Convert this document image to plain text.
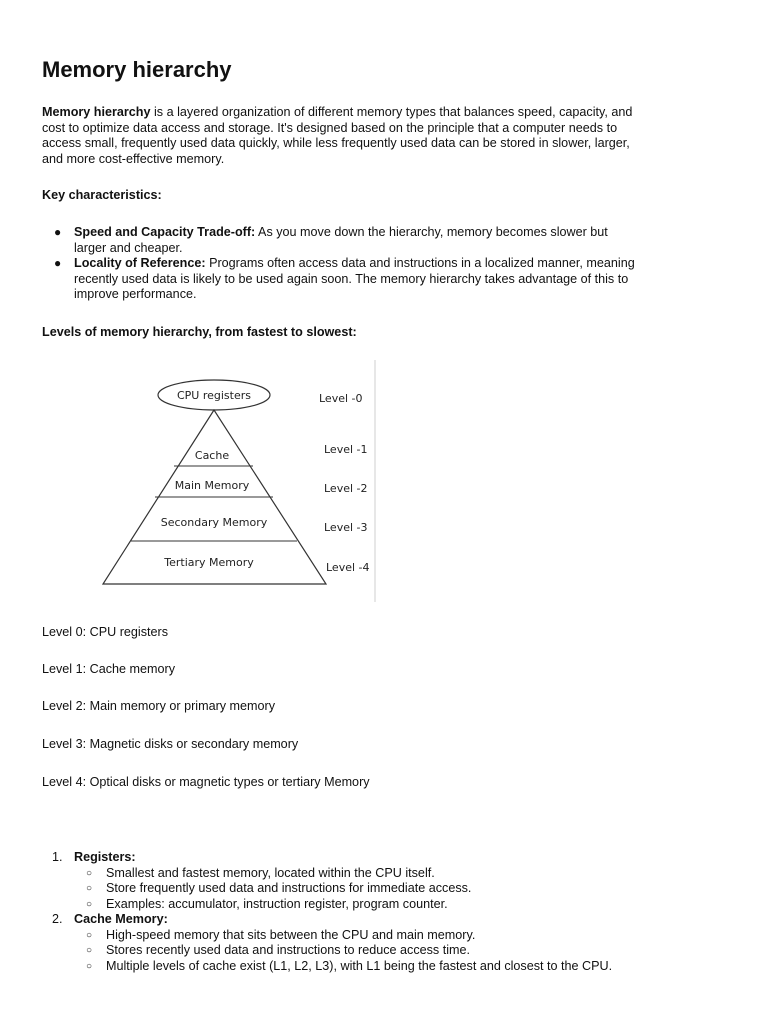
Memory hierarchy

Memory hierarchy is a layered organization of different memory types that balances speed, capacity, and cost to optimize data access and storage. It's designed based on the principle that a computer needs to access small, frequently used data quickly, while less frequently used data can be stored in slower, larger, and more cost-effective memory.

Key characteristics:

● Speed and Capacity Trade-off: As you move down the hierarchy, memory becomes slower but larger and cheaper.
● Locality of Reference: Programs often access data and instructions in a localized manner, meaning recently used data is likely to be used again soon. The memory hierarchy takes advantage of this to improve performance.

Levels of memory hierarchy, from fastest to slowest:

CPU registers
Cache
Main Memory
Secondary Memory
Tertiary Memory
Level -0
Level -1
Level -2
Level -3
Level -4

Level 0: CPU registers

Level 1: Cache memory

Level 2: Main memory or primary memory

Level 3: Magnetic disks or secondary memory

Level 4: Optical disks or magnetic types or tertiary Memory

1. Registers:
○ Smallest and fastest memory, located within the CPU itself.
○ Store frequently used data and instructions for immediate access.
○ Examples: accumulator, instruction register, program counter.
2. Cache Memory:
○ High-speed memory that sits between the CPU and main memory.
○ Stores recently used data and instructions to reduce access time.
○ Multiple levels of cache exist (L1, L2, L3), with L1 being the fastest and closest to the CPU.
